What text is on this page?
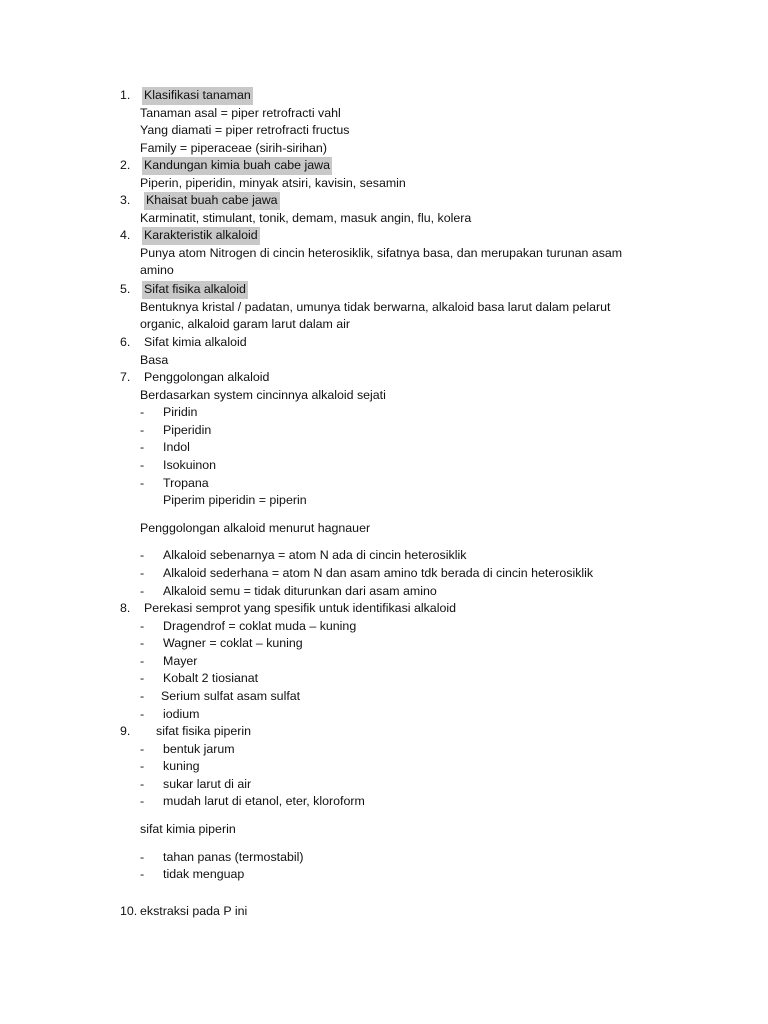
1. Klasifikasi tanaman
Tanaman asal = piper retrofracti vahl
Yang diamati = piper retrofracti fructus
Family = piperaceae (sirih-sirihan)
2. Kandungan kimia buah cabe jawa
Piperin, piperidin, minyak atsiri, kavisin, sesamin
3. Khaisat buah cabe jawa
Karminatit, stimulant, tonik, demam, masuk angin, flu, kolera
4. Karakteristik alkaloid
Punya atom Nitrogen di cincin heterosiklik, sifatnya basa, dan merupakan turunan asam amino
5. Sifat fisika alkaloid
Bentuknya kristal / padatan, umunya tidak berwarna, alkaloid basa larut dalam pelarut organic, alkaloid garam larut dalam air
6. Sifat kimia alkaloid
Basa
7. Penggolongan alkaloid
Berdasarkan system cincinnya alkaloid sejati
- Piridin
- Piperidin
- Indol
- Isokuinon
- Tropana
Piperim piperidin = piperin
Penggolongan alkaloid menurut hagnauer
- Alkaloid sebenarnya = atom N ada di cincin heterosiklik
- Alkaloid sederhana = atom N dan asam amino tdk berada di cincin heterosiklik
- Alkaloid semu = tidak diturunkan dari asam amino
8. Perekasi semprot yang spesifik untuk identifikasi alkaloid
- Dragendrof = coklat muda – kuning
- Wagner = coklat – kuning
- Mayer
- Kobalt 2 tiosianat
- Serium sulfat asam sulfat
- iodium
9. sifat fisika piperin
- bentuk jarum
- kuning
- sukar larut di air
- mudah larut di etanol, eter, kloroform
sifat kimia piperin
- tahan panas (termostabil)
- tidak menguap
10. ekstraksi pada P ini
